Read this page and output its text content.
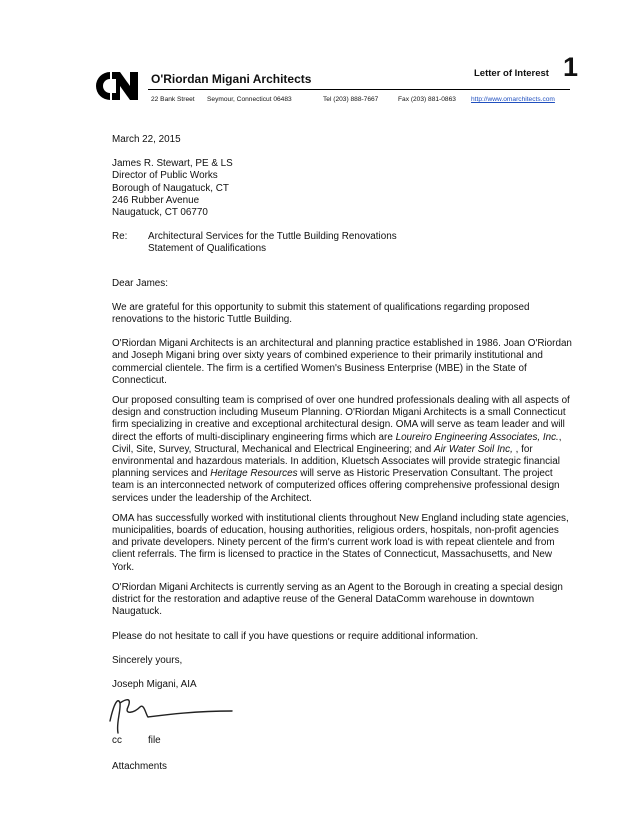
O'Riordan Migani Architects	Letter of Interest 1
22 Bank Street Seymour, Connecticut 06483	Tel (203) 888-7667	Fax (203) 881-0863 http://www.omarchitects.com

March 22, 2015

James R. Stewart, PE & LS

Director of Public Works

Borough of Naugatuck, CT

246 Rubber Avenue

Naugatuck, CT 06770

Re:	Architectural Services for the Tuttle Building Renovations

Statement of Qualifications

Dear James:

We are grateful for this opportunity to submit this statement of qualifications regarding proposed renovations to the historic Tuttle Building.

O'Riordan Migani Architects is an architectural and planning practice established in 1986. Joan O'Riordan and Joseph Migani bring over sixty years of combined experience to their primarily institutional and commercial clientele. The firm is a certified Women's Business Enterprise (MBE) in the State of Connecticut.

Our proposed consulting team is comprised of over one hundred professionals dealing with all aspects of design and construction including Museum Planning. O'Riordan Migani Architects is a small Connecticut firm specializing in creative and exceptional architectural design. OMA will serve as team leader and will direct the efforts of multi-disciplinary engineering firms which are Loureiro Engineering Associates, Inc., Civil, Site, Survey, Structural, Mechanical and Electrical Engineering; and Air Water Soil Inc, , for environmental and hazardous materials. In addition, Kluetsch Associates will provide strategic financial planning services and Heritage Resources will serve as Historic Preservation Consultant. The project team is an interconnected network of computerized offices offering comprehensive professional design services under the leadership of the Architect.

OMA has successfully worked with institutional clients throughout New England including state agencies, municipalities, boards of education, housing authorities, religious orders, hospitals, non-profit agencies and private developers. Ninety percent of the firm's current work load is with repeat clientele and from client referrals. The firm is licensed to practice in the States of Connecticut, Massachusetts, and New York.

O'Riordan Migani Architects is currently serving as an Agent to the Borough in creating a special design district for the restoration and adaptive reuse of the General DataComm warehouse in downtown Naugatuck.

Please do not hesitate to call if you have questions or require additional information.

Sincerely yours,

Joseph Migani, AIA

cc	file

Attachments
